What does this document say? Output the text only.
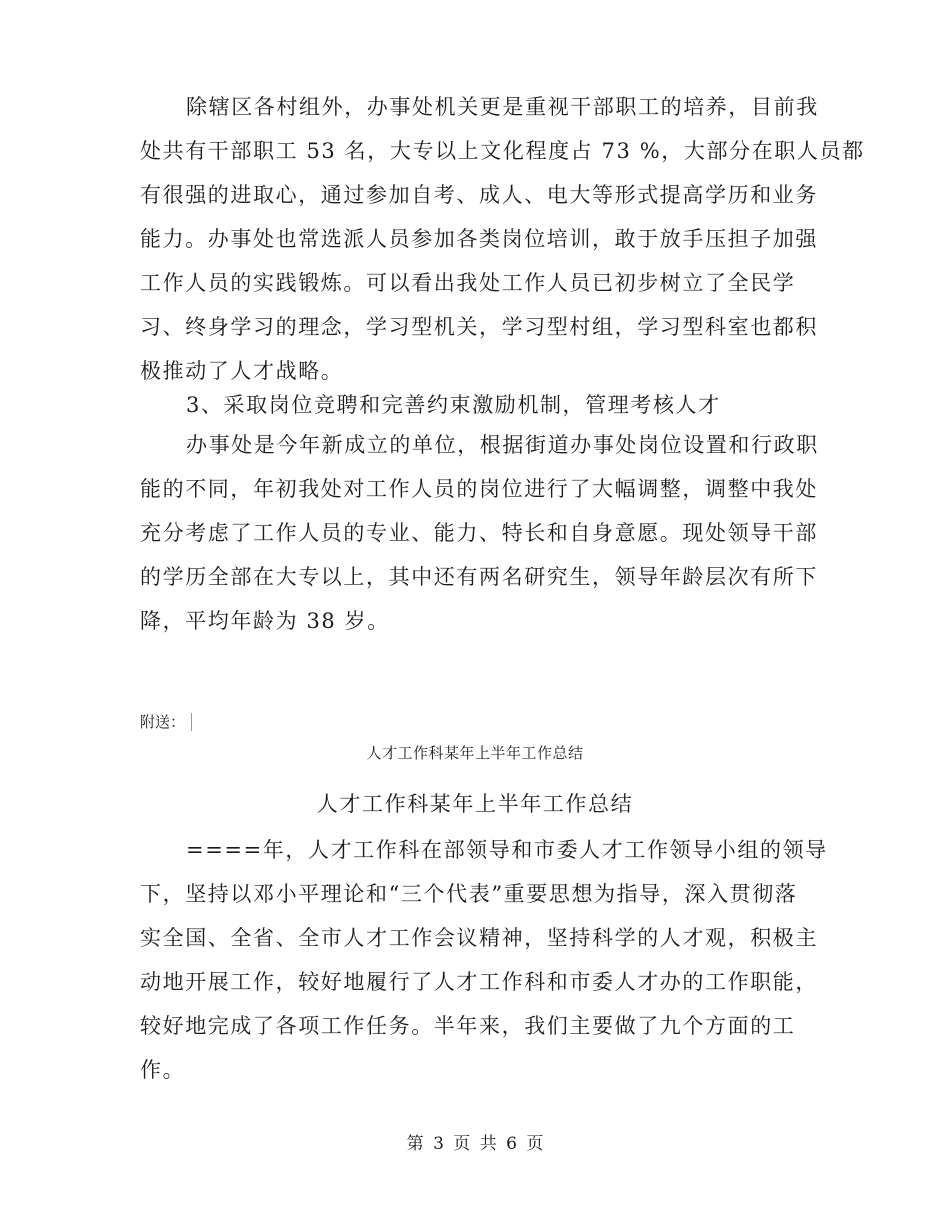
除辖区各村组外，办事处机关更是重视干部职工的培养，目前我
处共有干部职工 53 名，大专以上文化程度占 73 %，大部分在职人员都
有很强的进取心，通过参加自考、成人、电大等形式提高学历和业务
能力。办事处也常选派人员参加各类岗位培训，敢于放手压担子加强
工作人员的实践锻炼。可以看出我处工作人员已初步树立了全民学
习、终身学习的理念，学习型机关，学习型村组，学习型科室也都积
极推动了人才战略。
3、采取岗位竞聘和完善约束激励机制，管理考核人才
办事处是今年新成立的单位，根据街道办事处岗位设置和行政职
能的不同，年初我处对工作人员的岗位进行了大幅调整，调整中我处
充分考虑了工作人员的专业、能力、特长和自身意愿。现处领导干部
的学历全部在大专以上，其中还有两名研究生，领导年龄层次有所下
降，平均年龄为 38 岁。
附送：
人才工作科某年上半年工作总结
人才工作科某年上半年工作总结
====年，人才工作科在部领导和市委人才工作领导小组的领导
下，坚持以邓小平理论和“三个代表”重要思想为指导，深入贯彻落
实全国、全省、全市人才工作会议精神，坚持科学的人才观，积极主
动地开展工作，较好地履行了人才工作科和市委人才办的工作职能，
较好地完成了各项工作任务。半年来，我们主要做了九个方面的工
作。
第 3 页 共 6 页
